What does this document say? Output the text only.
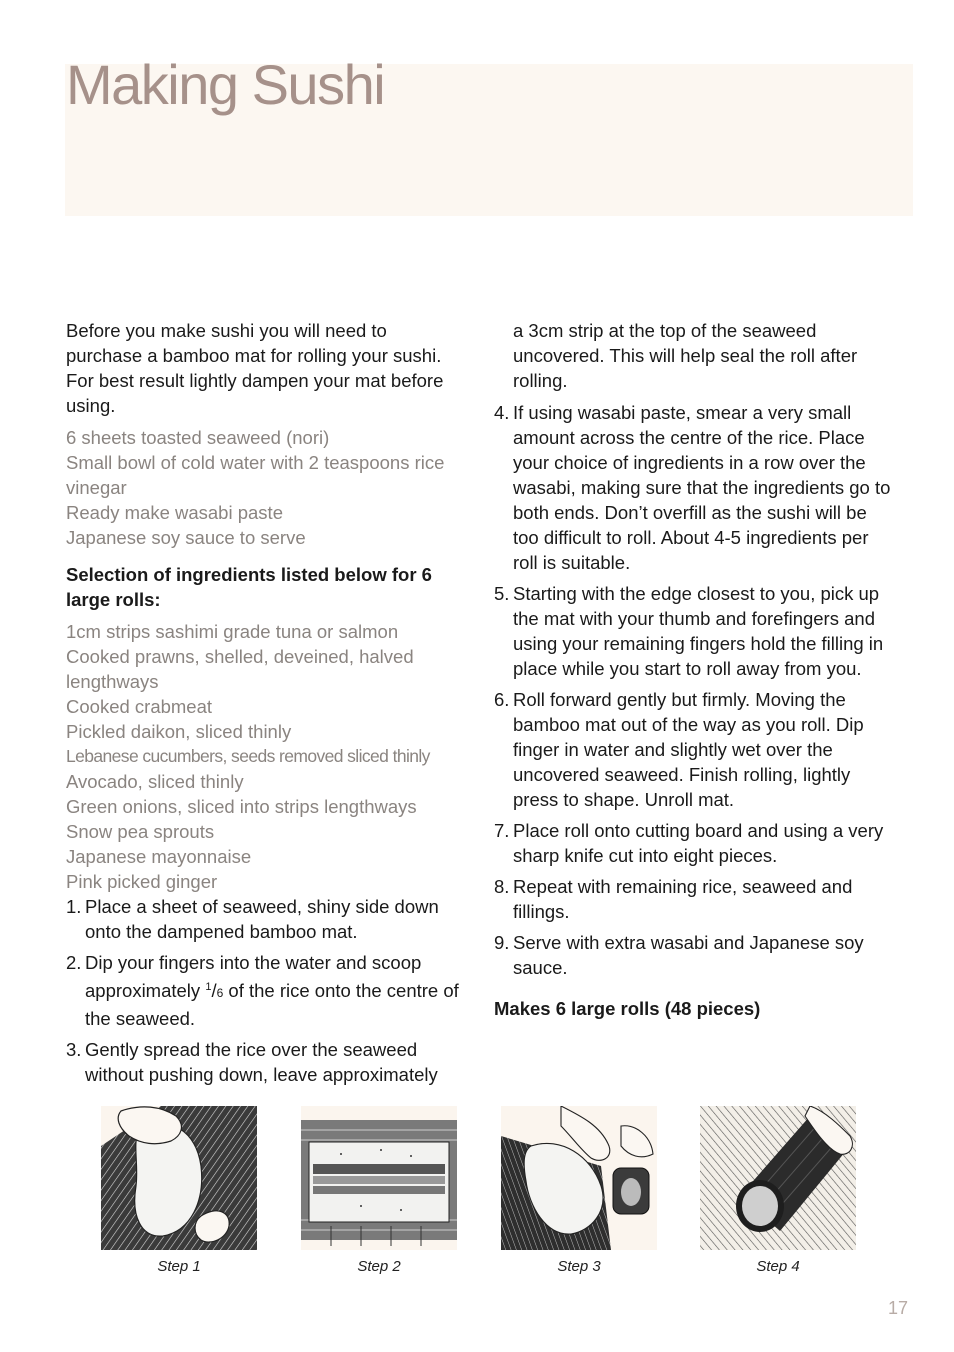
Making Sushi

Before you make sushi you will need to purchase a bamboo mat for rolling your sushi. For best result lightly dampen your mat before using.

6 sheets toasted seaweed (nori)
Small bowl of cold water with 2 teaspoons rice vinegar
Ready make wasabi paste
Japanese soy sauce to serve

Selection of ingredients listed below for 6 large rolls:

1cm strips sashimi grade tuna or salmon
Cooked prawns, shelled, deveined, halved lengthways
Cooked crabmeat
Pickled daikon, sliced thinly
Lebanese cucumbers, seeds removed sliced thinly
Avocado, sliced thinly
Green onions, sliced into strips lengthways
Snow pea sprouts
Japanese mayonnaise
Pink picked ginger
1. Place a sheet of seaweed, shiny side down onto the dampened bamboo mat.
2. Dip your fingers into the water and scoop approximately $^1$/6 of the rice onto the centre of the seaweed.
3. Gently spread the rice over the seaweed without pushing down, leave approximately
a 3cm strip at the top of the seaweed uncovered. This will help seal the roll after rolling.
4. If using wasabi paste, smear a very small amount across the centre of the rice. Place your choice of ingredients in a row over the wasabi, making sure that the ingredients go to both ends. Don’t overfill as the sushi will be too difficult to roll. About 4-5 ingredients per roll is suitable.
5. Starting with the edge closest to you, pick up the mat with your thumb and forefingers and using your remaining fingers hold the filling in place while you start to roll away from you.
6. Roll forward gently but firmly. Moving the bamboo mat out of the way as you roll. Dip finger in water and slightly wet over the uncovered seaweed. Finish rolling, lightly press to shape. Unroll mat.
7. Place roll onto cutting board and using a very sharp knife cut into eight pieces.
8. Repeat with remaining rice, seaweed and fillings.
9. Serve with extra wasabi and Japanese soy sauce.

Makes 6 large rolls (48 pieces)

Step 1	Step 2	Step 3	Step 4
17
